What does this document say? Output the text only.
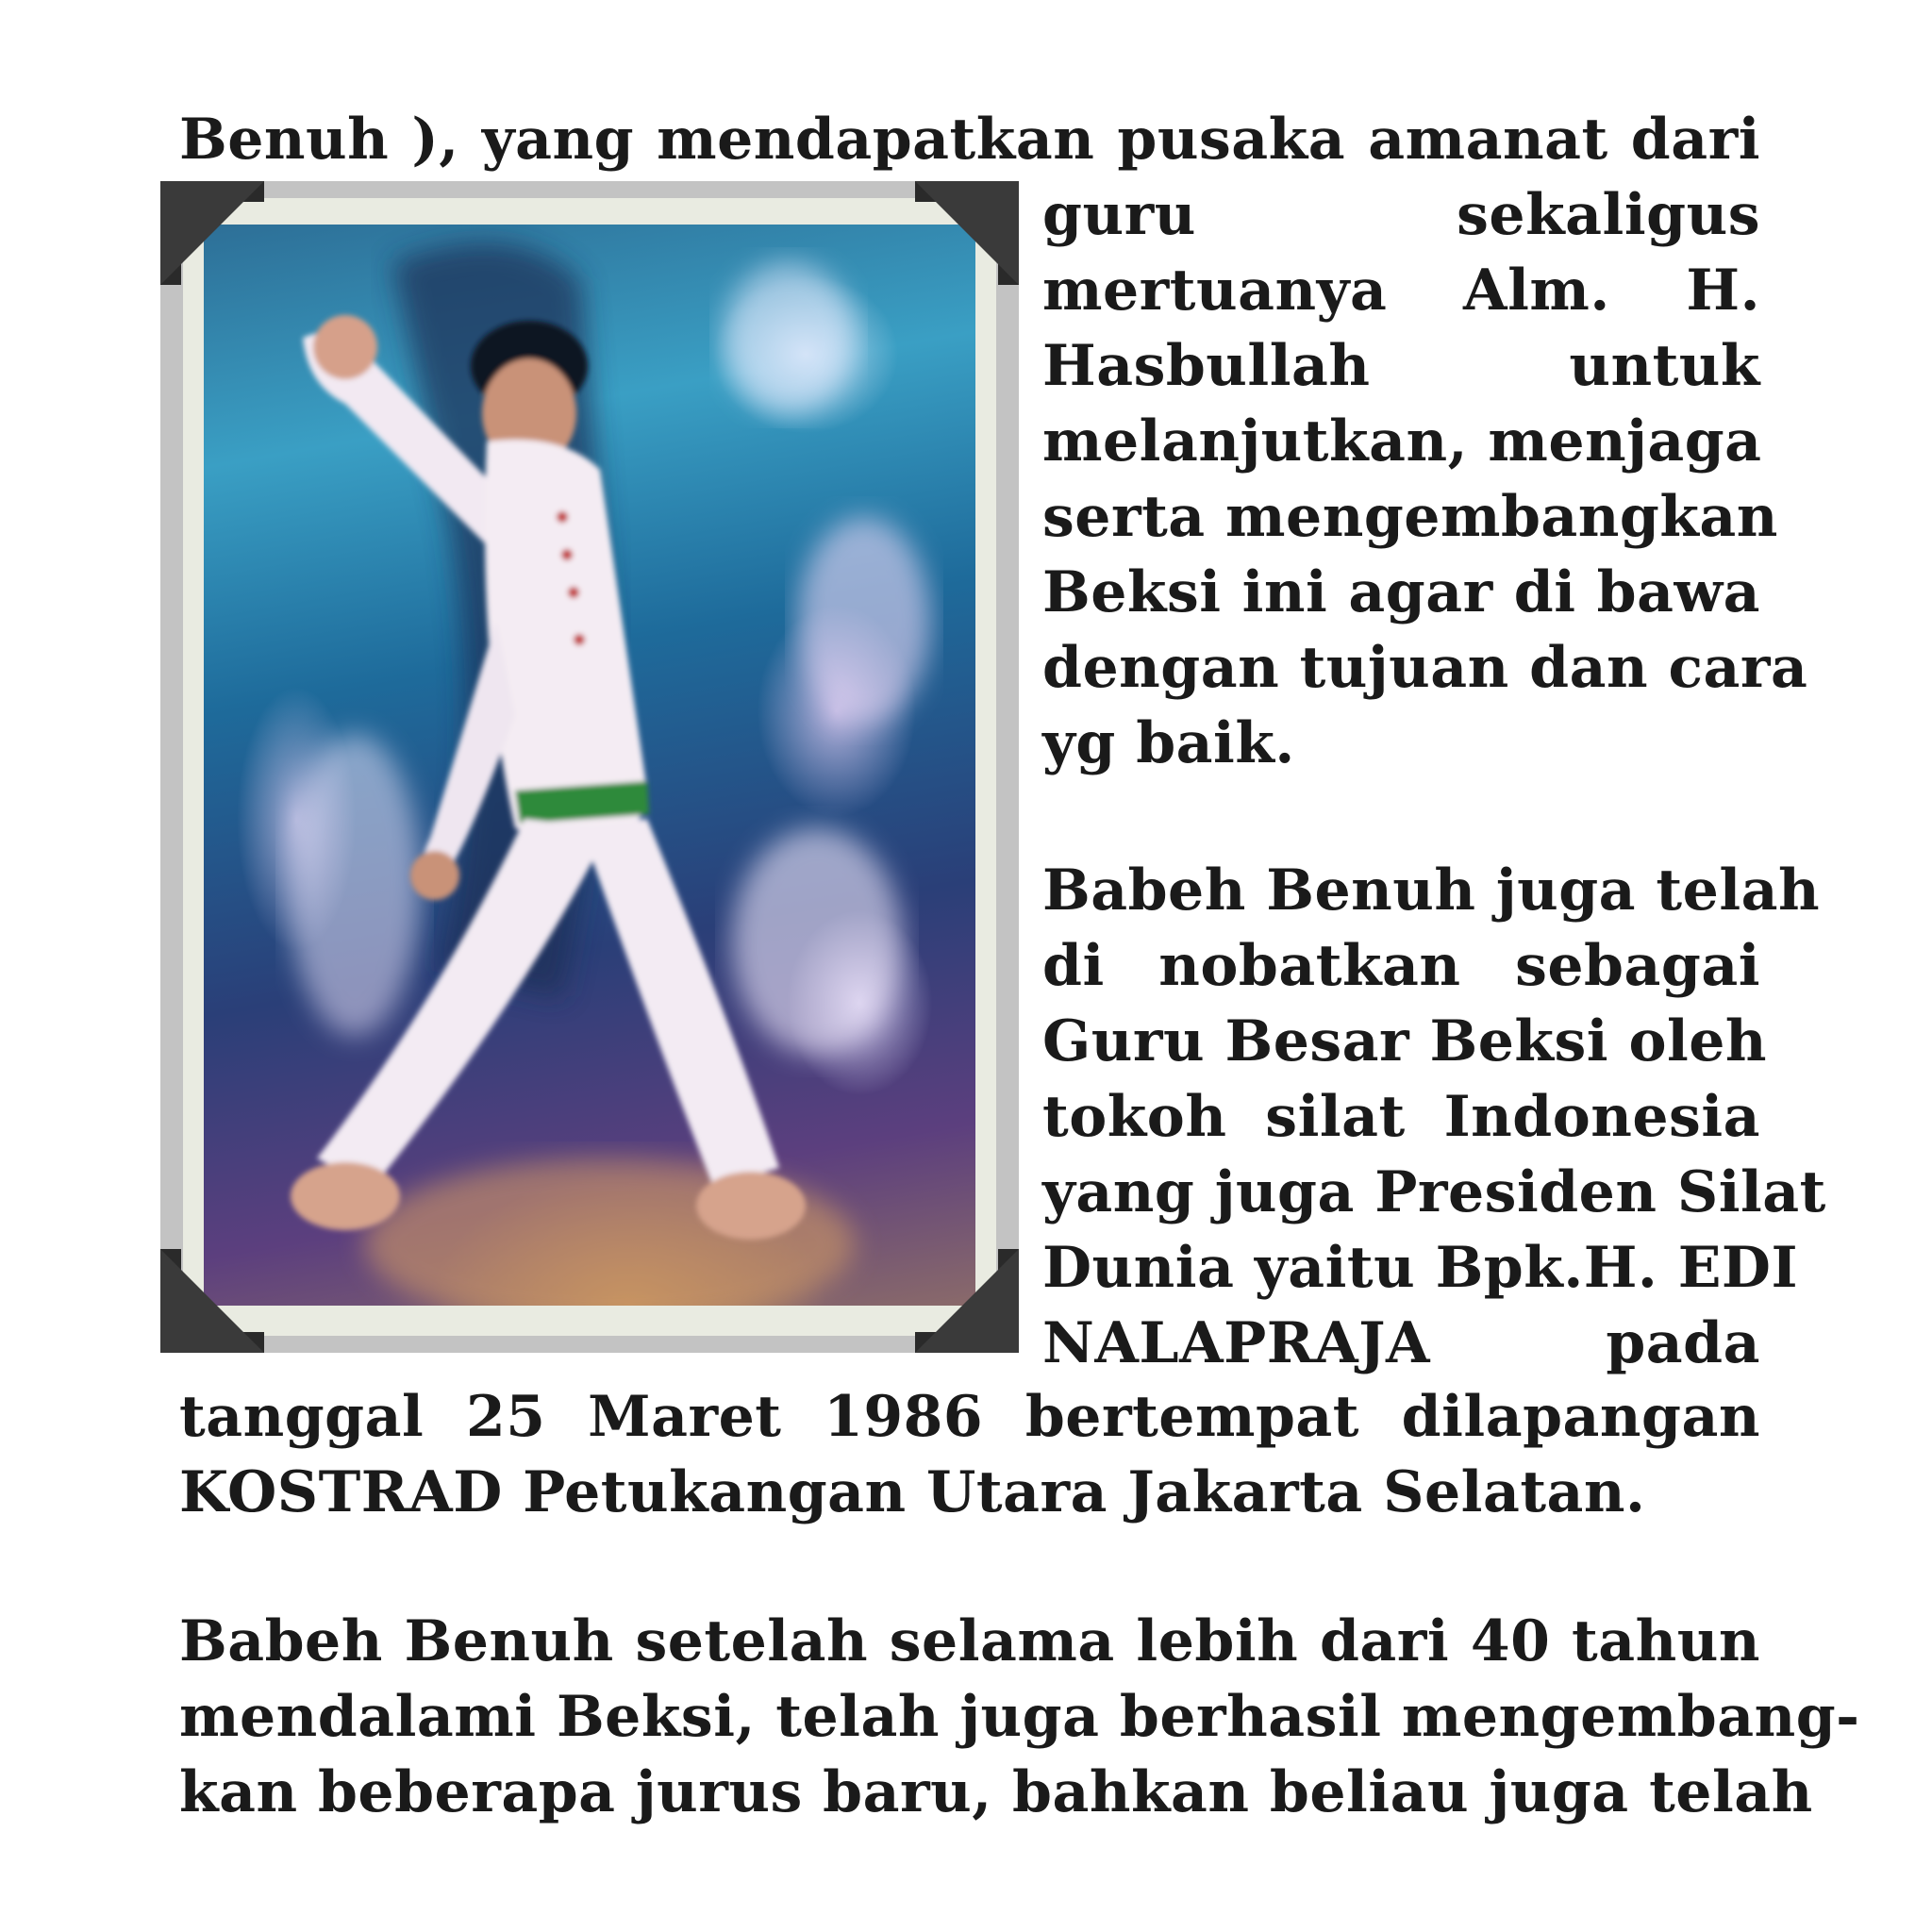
Benuh ), yang mendapatkan pusaka amanat dari
guru sekaligus
mertuanya Alm. H.
Hasbullah untuk
melanjutkan, menjaga
serta mengembangkan
Beksi ini agar di bawa
dengan tujuan dan cara
yg baik.
Babeh Benuh juga telah
di nobatkan sebagai
Guru Besar Beksi oleh
tokoh silat Indonesia
yang juga Presiden Silat
Dunia yaitu Bpk.H. EDI
NALAPRAJA pada
tanggal 25 Maret 1986 bertempat dilapangan
KOSTRAD Petukangan Utara Jakarta Selatan.
Babeh Benuh setelah selama lebih dari 40 tahun
mendalami Beksi, telah juga berhasil mengembang-
kan beberapa jurus baru, bahkan beliau juga telah
